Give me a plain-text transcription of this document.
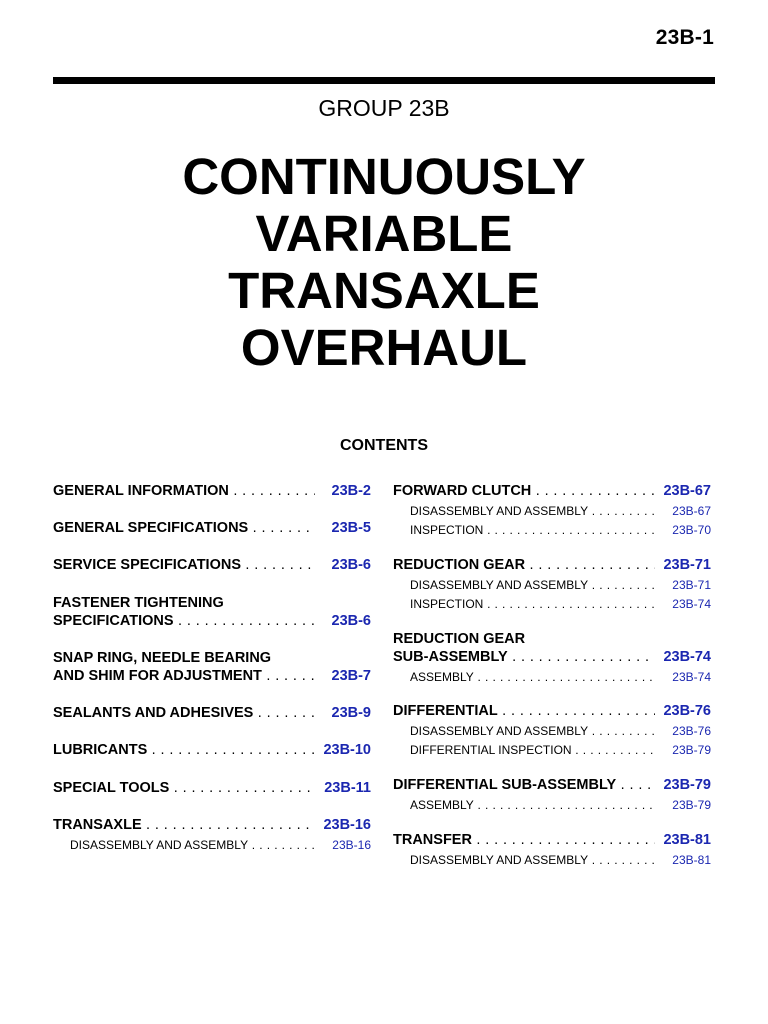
23B-1
GROUP 23B
CONTINUOUSLY
VARIABLE
TRANSAXLE
OVERHAUL
CONTENTS
GENERAL INFORMATION . . .	23B-2
GENERAL SPECIFICATIONS . . .	23B-5
SERVICE SPECIFICATIONS . . .	23B-6
FASTENER TIGHTENING
SPECIFICATIONS . . .	23B-6
SNAP RING, NEEDLE BEARING
AND SHIM FOR ADJUSTMENT . . .	23B-7
SEALANTS AND ADHESIVES . . .	23B-9
LUBRICANTS . . .	23B-10
SPECIAL TOOLS . . .	23B-11
TRANSAXLE . . .	23B-16
DISASSEMBLY AND ASSEMBLY . . .	23B-16
FORWARD CLUTCH . . .	23B-67
DISASSEMBLY AND ASSEMBLY . . .	23B-67
INSPECTION . . .	23B-70
REDUCTION GEAR . . .	23B-71
DISASSEMBLY AND ASSEMBLY . . .	23B-71
INSPECTION . . .	23B-74
REDUCTION GEAR
SUB-ASSEMBLY . . .	23B-74
ASSEMBLY . . .	23B-74
DIFFERENTIAL . . .	23B-76
DISASSEMBLY AND ASSEMBLY . . .	23B-76
DIFFERENTIAL INSPECTION . . .	23B-79
DIFFERENTIAL SUB-ASSEMBLY . . .	23B-79
ASSEMBLY . . .	23B-79
TRANSFER . . .	23B-81
DISASSEMBLY AND ASSEMBLY . . .	23B-81
